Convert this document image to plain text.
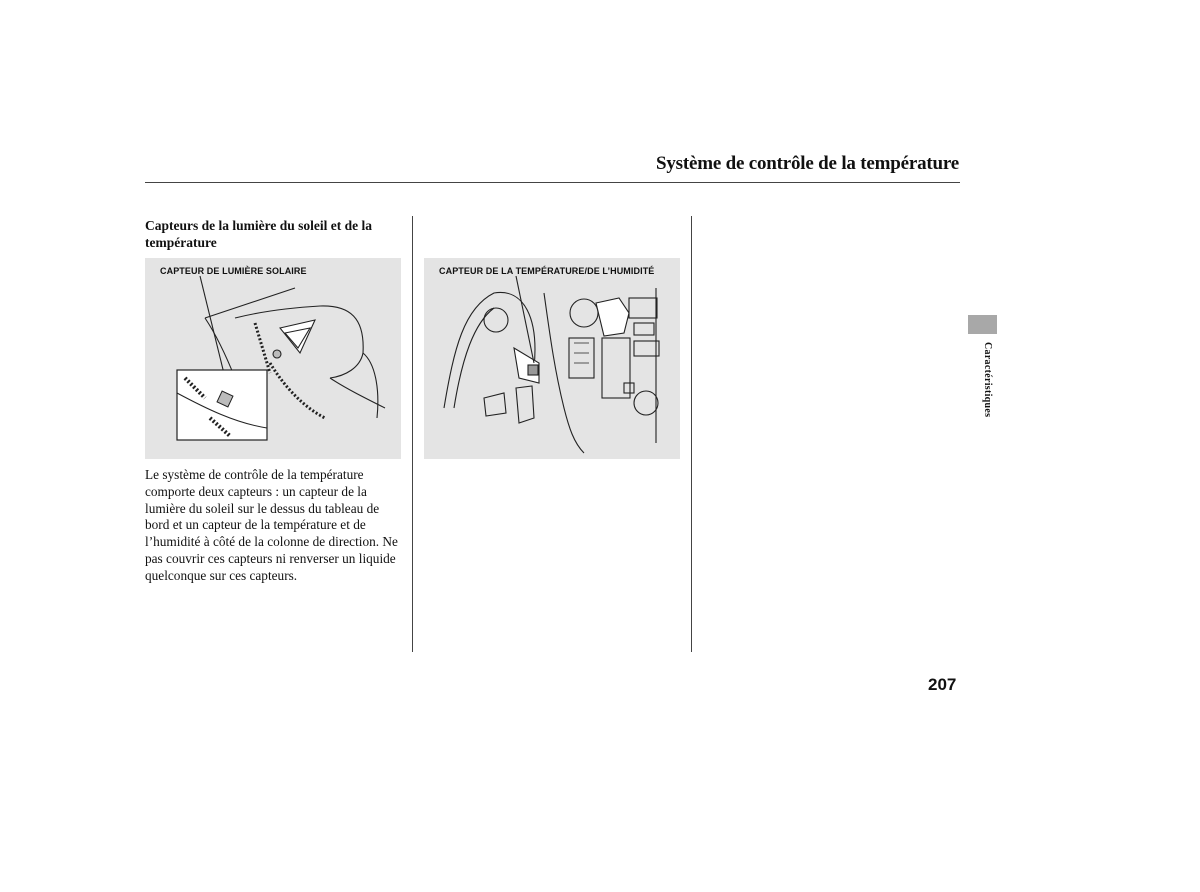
Système de contrôle de la température
Capteurs de la lumière du soleil et de la température
CAPTEUR DE LUMIÈRE SOLAIRE	CAPTEUR DE LA TEMPÉRATURE/DE L’HUMIDITÉ
Le système de contrôle de la température comporte deux capteurs : un capteur de la lumière du soleil sur le dessus du tableau de bord et un capteur de la température et de l’humidité à côté de la colonne de direction. Ne pas couvrir ces capteurs ni renverser un liquide quelconque sur ces capteurs.
Caractéristiques
207
